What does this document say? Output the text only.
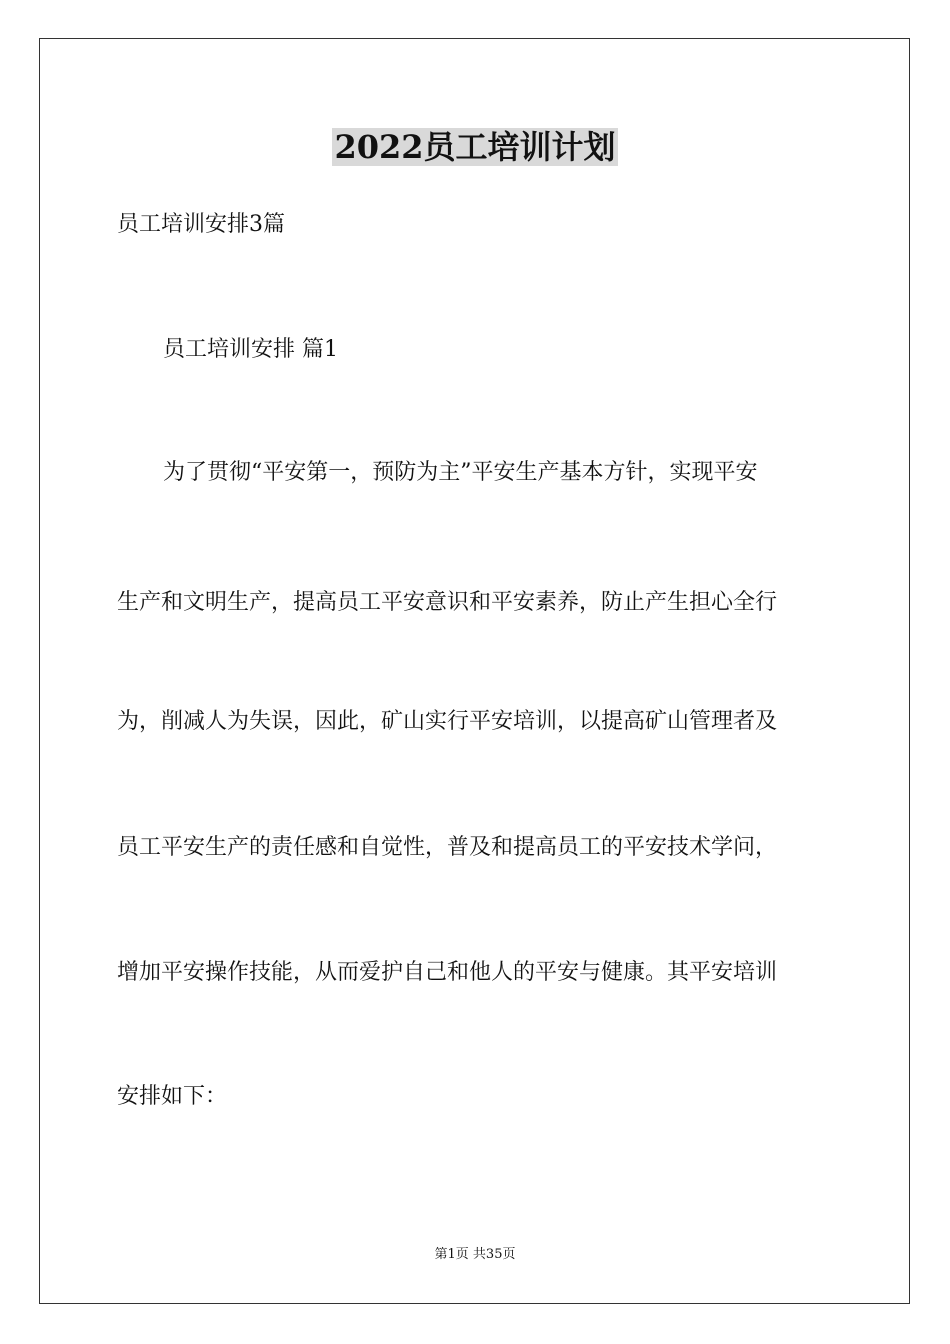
2022员工培训计划

员工培训安排3篇

员工培训安排 篇1

为了贯彻“平安第一，预防为主”平安生产基本方针，实现平安

生产和文明生产，提高员工平安意识和平安素养，防止产生担心全行

为，削减人为失误，因此，矿山实行平安培训，以提高矿山管理者及

员工平安生产的责任感和自觉性，普及和提高员工的平安技术学问，

增加平安操作技能，从而爱护自己和他人的平安与健康。其平安培训

安排如下：

第1页 共35页
